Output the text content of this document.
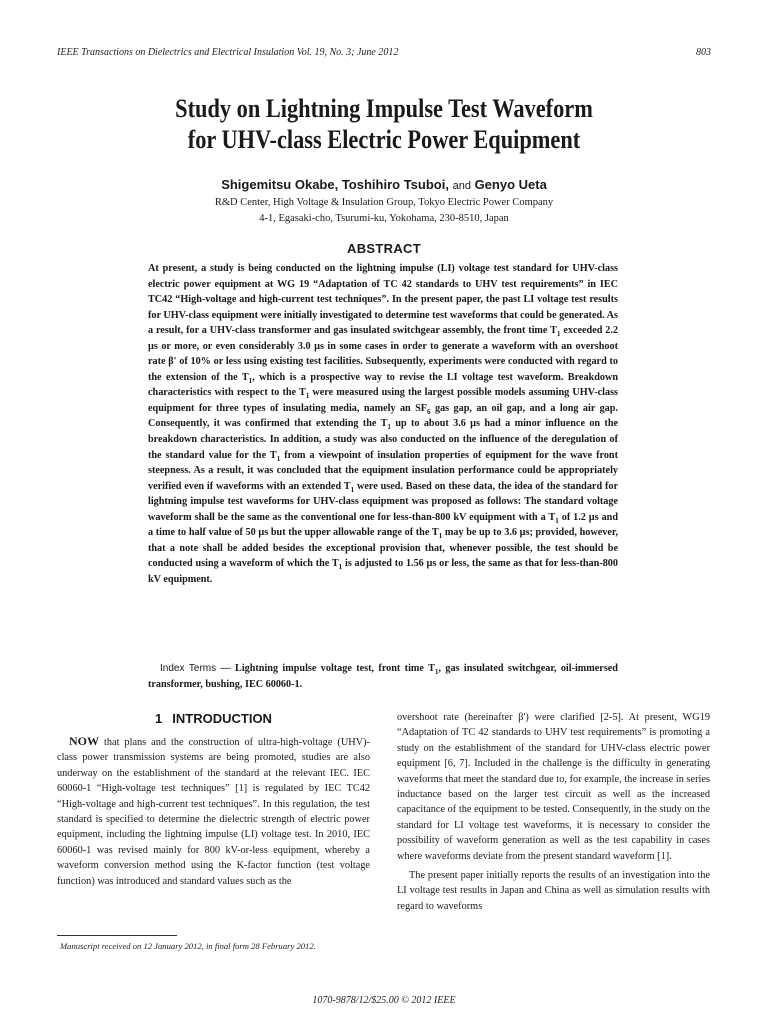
IEEE Transactions on Dielectrics and Electrical Insulation Vol. 19, No. 3; June 2012	803
Study on Lightning Impulse Test Waveform
for UHV-class Electric Power Equipment
Shigemitsu Okabe, Toshihiro Tsuboi, and Genyo Ueta
R&D Center, High Voltage & Insulation Group, Tokyo Electric Power Company
4-1, Egasaki-cho, Tsurumi-ku, Yokohama, 230-8510, Japan
ABSTRACT

At present, a study is being conducted on the lightning impulse (LI) voltage test standard for UHV-class electric power equipment at WG 19 “Adaptation of TC 42 standards to UHV test requirements” in IEC TC42 “High-voltage and high-current test techniques”. In the present paper, the past LI voltage test results for UHV-class equipment were initially investigated to determine test waveforms that could be generated. As a result, for a UHV-class transformer and gas insulated switchgear assembly, the front time $T_1$ exceeded 2.2 µs or more, or even considerably 3.0 µs in some cases in order to generate a waveform with an overshoot rate β' of 10% or less using existing test facilities. Subsequently, experiments were conducted with regard to the extension of the $T_1$, which is a prospective way to revise the LI voltage test waveform. Breakdown characteristics with respect to the $T_1$ were measured using the largest possible models assuming UHV-class equipment for three types of insulating media, namely an $SF_6$ gas gap, an oil gap, and a long air gap. Consequently, it was confirmed that extending the $T_1$ up to about 3.6 µs had a minor influence on the breakdown characteristics. In addition, a study was also conducted on the influence of the deregulation of the standard value for the $T_1$ from a viewpoint of insulation properties of equipment for the wave front steepness. As a result, it was concluded that the equipment insulation performance could be appropriately verified even if waveforms with an extended $T_1$ were used. Based on these data, the idea of the standard for lightning impulse test waveforms for UHV-class equipment was proposed as follows: The standard voltage waveform shall be the same as the conventional one for less-than-800 kV equipment with a $T_1$ of 1.2 µs and a time to half value of 50 µs but the upper allowable range of the $T_1$ may be up to 3.6 µs; provided, however, that a note shall be added besides the exceptional provision that, whenever possible, the test should be conducted using a waveform of which the $T_1$ is adjusted to 1.56 µs or less, the same as that for less-than-800 kV equipment.

Index Terms — Lightning impulse voltage test, front time $T_1$, gas insulated switchgear, oil-immersed transformer, bushing, IEC 60060-1.

1 INTRODUCTION

NOW that plans and the construction of ultra-high-voltage (UHV)-class power transmission systems are being promoted, studies are also underway on the establishment of the standard at the relevant IEC. IEC 60060-1 “High-voltage test techniques” [1] is regulated by IEC TC42 “High-voltage and high-current test techniques”. In this regulation, the test standard is specified to determine the dielectric strength of electric power equipment, including the lightning impulse (LI) voltage test. In 2010, IEC 60060-1 was revised mainly for 800 kV-or-less equipment, whereby a waveform conversion method using the K-factor function (test voltage function) was introduced and standard values such as the

overshoot rate (hereinafter β') were clarified [2-5]. At present, WG19 “Adaptation of TC 42 standards to UHV test requirements” is promoting a study on the establishment of the standard for UHV-class electric power equipment [6, 7]. Included in the challenge is the difficulty in generating waveforms that meet the standard due to, for example, the increase in series inductance based on the larger test circuit as well as the increased capacitance of the equipment to be tested. Consequently, in the study on the standard for LI voltage test waveforms, it is necessary to consider the possibility of waveform generation as well as the test capability in cases where waveforms deviate from the present standard waveform [1].

The present paper initially reports the results of an investigation into the LI voltage test results in Japan and China as well as simulation results with regard to waveforms

Manuscript received on 12 January 2012, in final form 28 February 2012.
1070-9878/12/$25.00 © 2012 IEEE
